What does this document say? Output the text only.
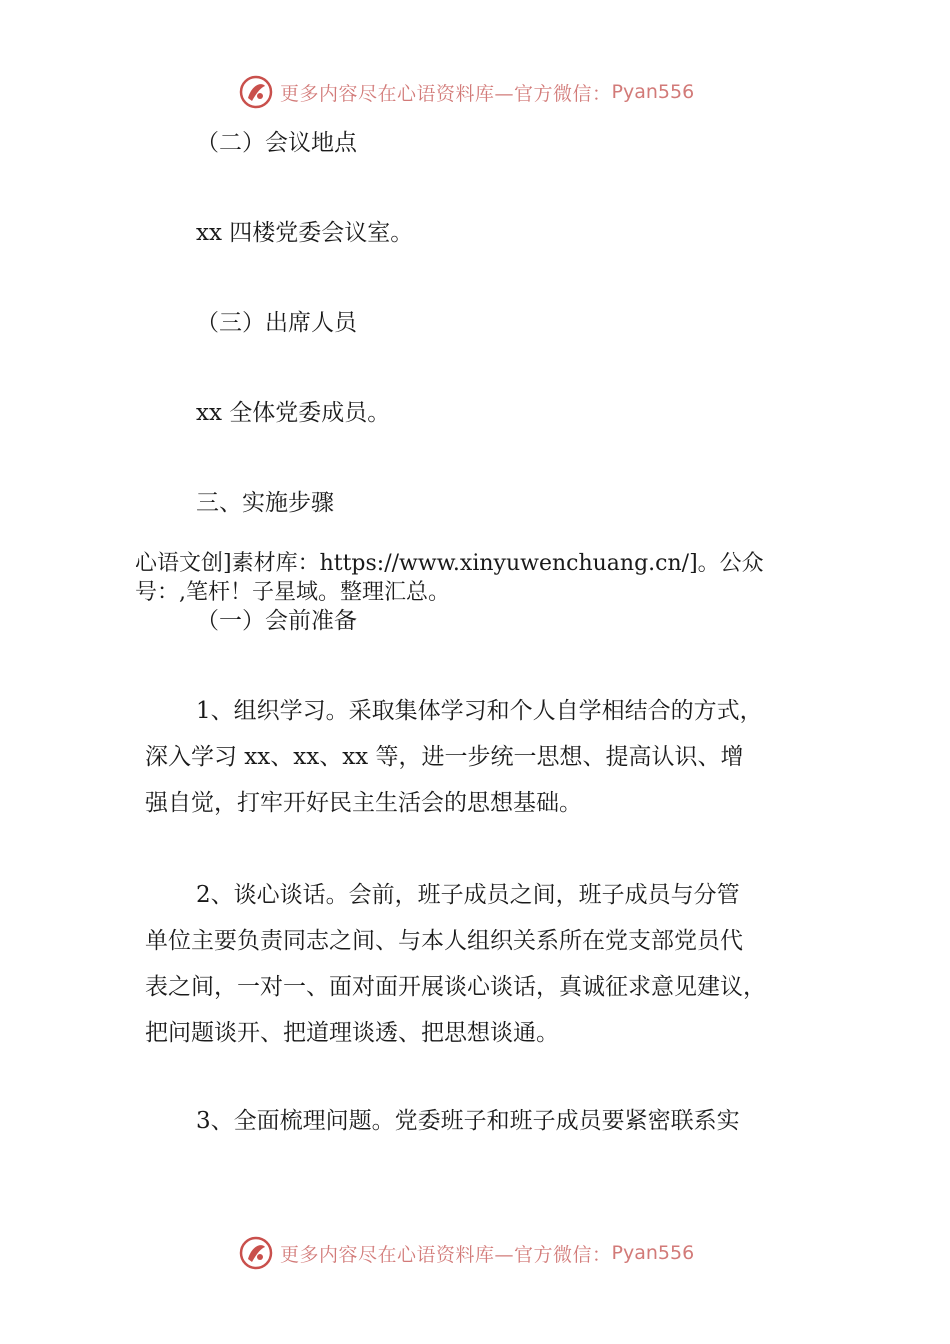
更多内容尽在心语资料库—官方微信： Pyan556
（二）会议地点
xx 四楼党委会议室。
（三）出席人员
xx 全体党委成员。
三、实施步骤
心语文创]素材库：https://www.xinyuwenchuang.cn/]。公众
号：,笔杆！子星域。整理汇总。
（一）会前准备
1、组织学习。采取集体学习和个人自学相结合的方式，
深入学习 xx、xx、xx 等，进一步统一思想、提高认识、增
强自觉，打牢开好民主生活会的思想基础。
2、谈心谈话。会前，班子成员之间，班子成员与分管
单位主要负责同志之间、与本人组织关系所在党支部党员代
表之间，一对一、面对面开展谈心谈话，真诚征求意见建议，
把问题谈开、把道理谈透、把思想谈通。
3、全面梳理问题。党委班子和班子成员要紧密联系实
更多内容尽在心语资料库—官方微信： Pyan556
